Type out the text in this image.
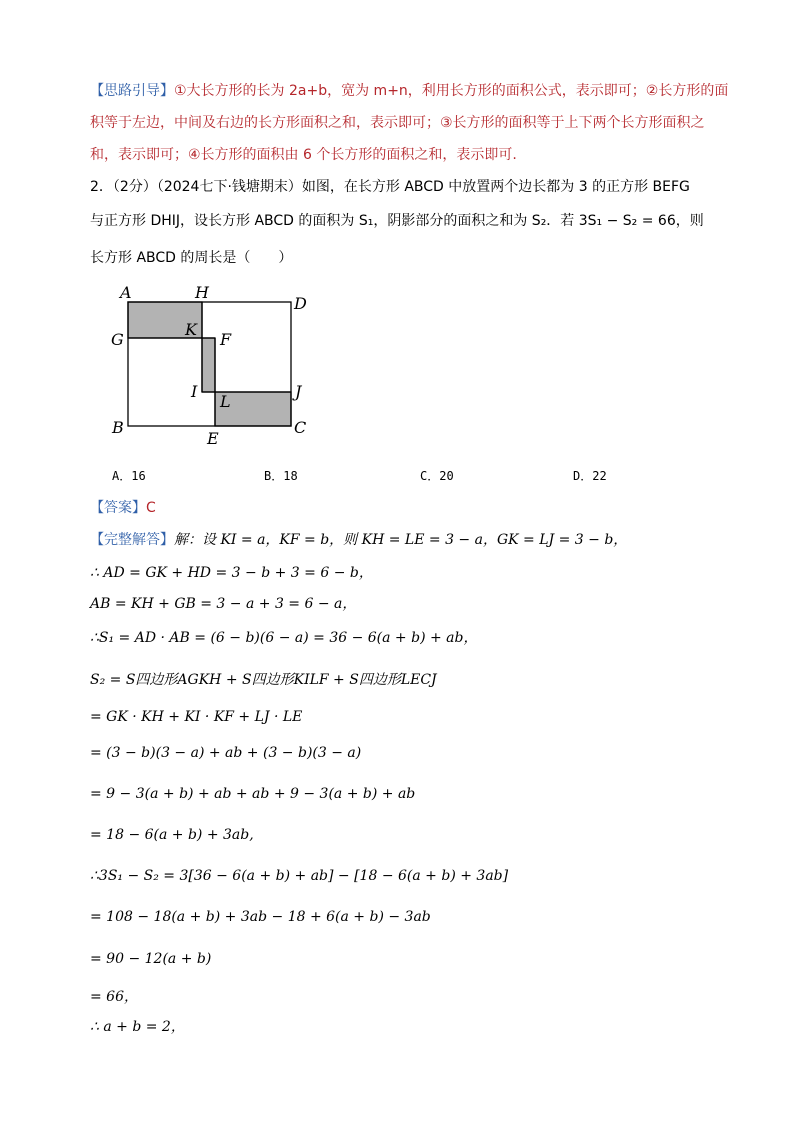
【思路引导】①大长方形的长为 2a+b，宽为 m+n，利用长方形的面积公式，表示即可；②长方形的面
积等于左边，中间及右边的长方形面积之和，表示即可；③长方形的面积等于上下两个长方形面积之
和，表示即可；④长方形的面积由 6 个长方形的面积之和，表示即可.
2．（2分）（2024七下·钱塘期末）如图，在长方形 ABCD 中放置两个边长都为 3 的正方形 BEFG
与正方形 DHIJ，设长方形 ABCD 的面积为 S₁，阴影部分的面积之和为 S₂．若 3S₁ − S₂ = 66，则
长方形 ABCD 的周长是（　　）
A	H
D
G
K
F
I	J
L
B
E
C
A．16	B．18	C．20	D．22
【答案】C
【完整解答】解：设 KI = a，KF = b，则 KH = LE = 3 − a，GK = LJ = 3 − b，
∴ AD = GK + HD = 3 − b + 3 = 6 − b，
AB = KH + GB = 3 − a + 3 = 6 − a，
∴S₁ = AD · AB = (6 − b)(6 − a) = 36 − 6(a + b) + ab，
S₂ = S四边形AGKH + S四边形KILF + S四边形LECJ
= GK · KH + KI · KF + LJ · LE
= (3 − b)(3 − a) + ab + (3 − b)(3 − a)
= 9 − 3(a + b) + ab + ab + 9 − 3(a + b) + ab
= 18 − 6(a + b) + 3ab,
∴3S₁ − S₂ = 3[36 − 6(a + b) + ab] − [18 − 6(a + b) + 3ab]
= 108 − 18(a + b) + 3ab − 18 + 6(a + b) − 3ab
= 90 − 12(a + b)
= 66，
∴ a + b = 2，
